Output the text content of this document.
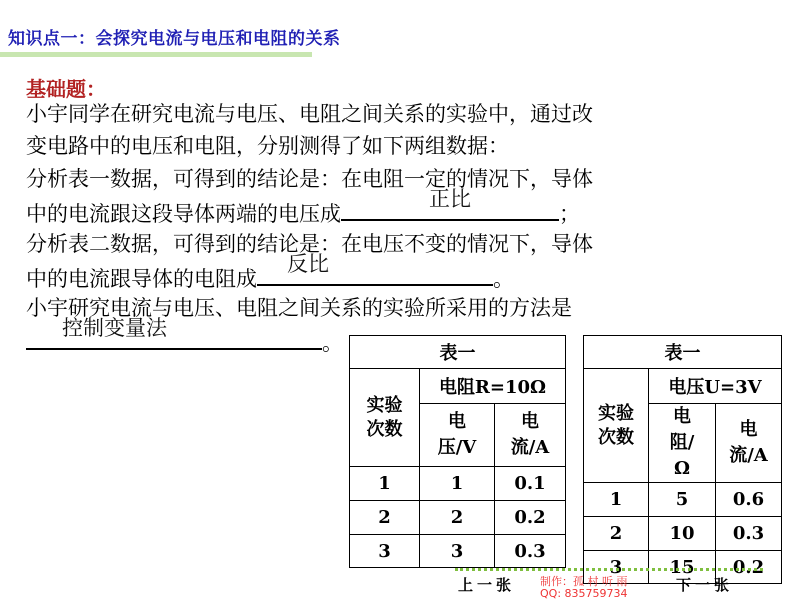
知识点一：会探究电流与电压和电阻的关系
基础题：
小宇同学在研究电流与电压、电阻之间关系的实验中，通过改
变电路中的电压和电阻，分别测得了如下两组数据：
分析表一数据，可得到的结论是：在电阻一定的情况下，导体
中的电流跟这段导体两端的电压成
正比
；
分析表二数据，可得到的结论是：在电压不变的情况下，导体
中的电流跟导体的电阻成
反比
。
小宇研究电流与电压、电阻之间关系的实验所采用的方法是
控制变量法
。	表一		
实验次数	电阻R=10Ω	
	电压/V	电流/A
1	1	0.1
2	2	0.2
3	3	0.3
表一		
实验次数	电压U=3V	
	电阻/Ω	电流/A
1	5	0.6
2	10	0.3
3	15	0.2
上一张 制作：孤 村 听 雨
QQ: 835759734	下一张
